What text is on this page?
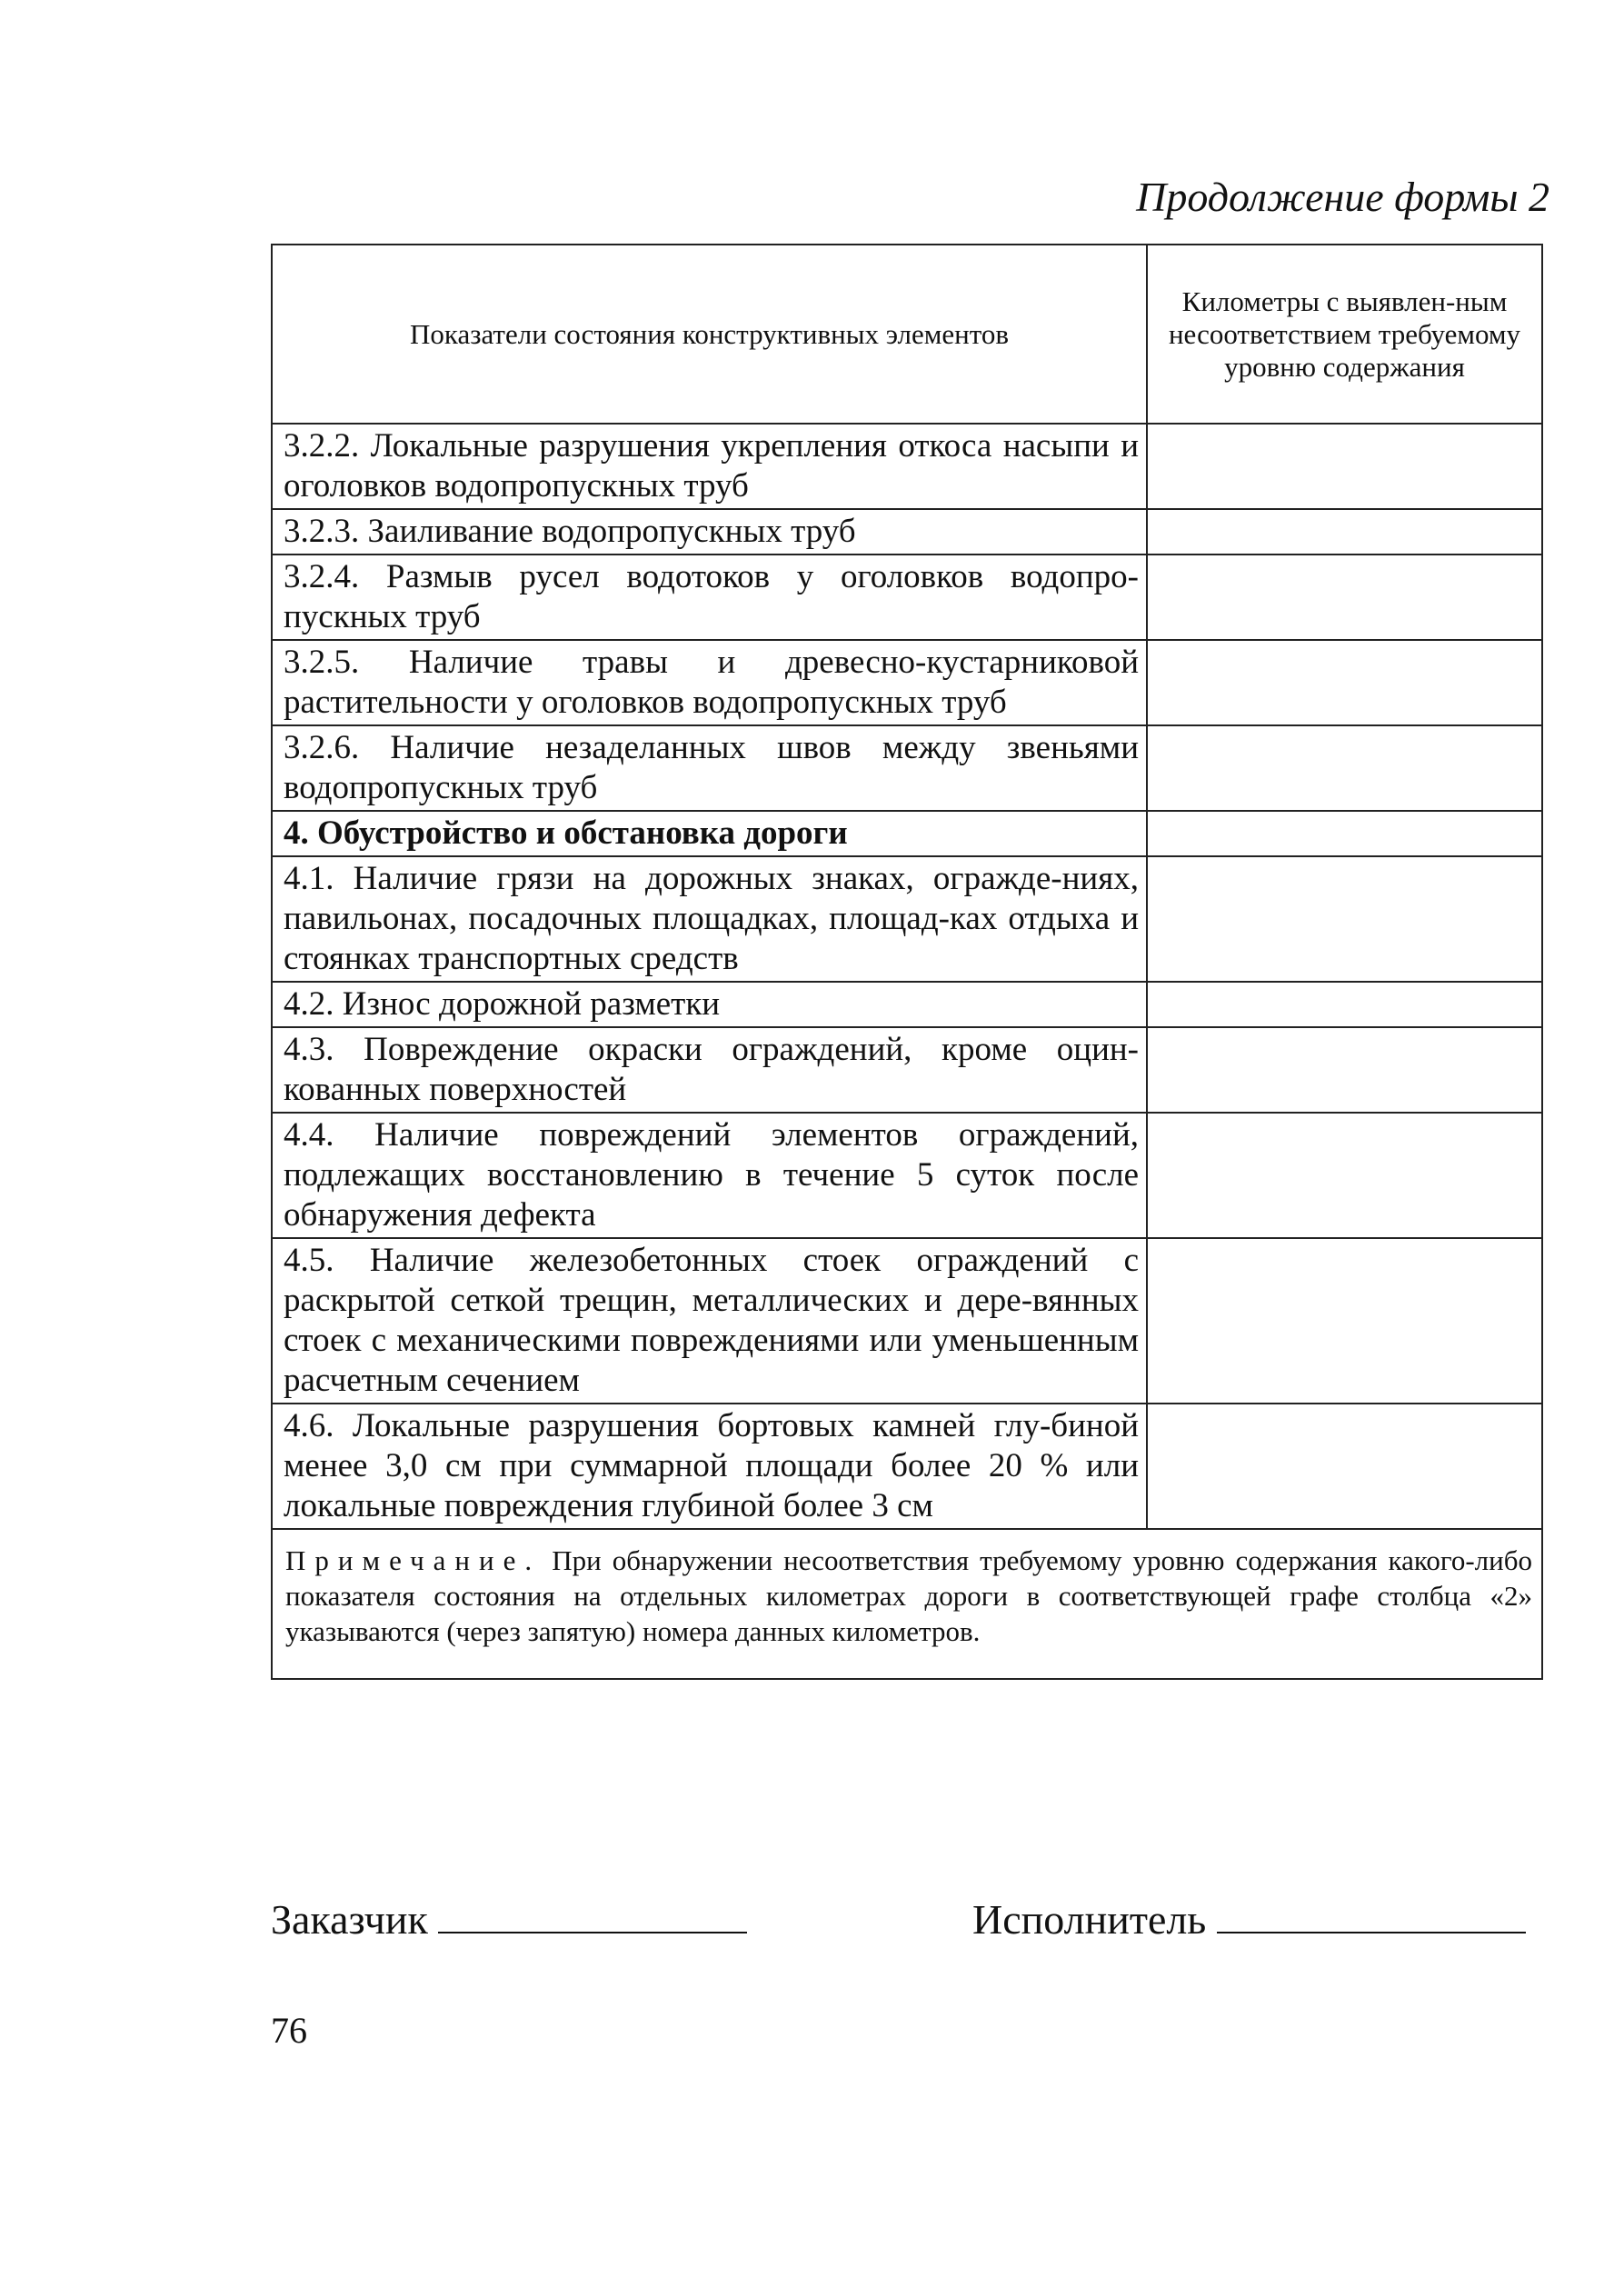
Продолжение формы 2
Показатели состояния конструктивных элементов	Километры с выявлен-ным несоответствием требуемому уровню содержания
3.2.2. Локальные разрушения укрепления откоса насыпи и оголовков водопропускных труб	
3.2.3. Заиливание водопропускных труб	
3.2.4. Размыв русел водотоков у оголовков водопро-пускных труб	
3.2.5. Наличие травы и древесно-кустарниковой растительности у оголовков водопропускных труб	
3.2.6. Наличие незаделанных швов между звеньями водопропускных труб	
4. Обустройство и обстановка дороги	
4.1. Наличие грязи на дорожных знаках, огражде-ниях, павильонах, посадочных площадках, площад-ках отдыха и стоянках транспортных средств	
4.2. Износ дорожной разметки	
4.3. Повреждение окраски ограждений, кроме оцин-кованных поверхностей	
4.4. Наличие повреждений элементов ограждений, подлежащих восстановлению в течение 5 суток после обнаружения дефекта	
4.5. Наличие железобетонных стоек ограждений с раскрытой сеткой трещин, металлических и дере-вянных стоек с механическими повреждениями или уменьшенным расчетным сечением	
4.6. Локальные разрушения бортовых камней глу-биной менее 3,0 см при суммарной площади более 20 % или локальные повреждения глубиной более 3 см	
Примечание. При обнаружении несоответствия требуемому уровню содержания какого-либо показателя состояния на отдельных километрах дороги в соответствующей графе столбца «2» указываются (через запятую) номера данных километров.	
Заказчик	Исполнитель
76
